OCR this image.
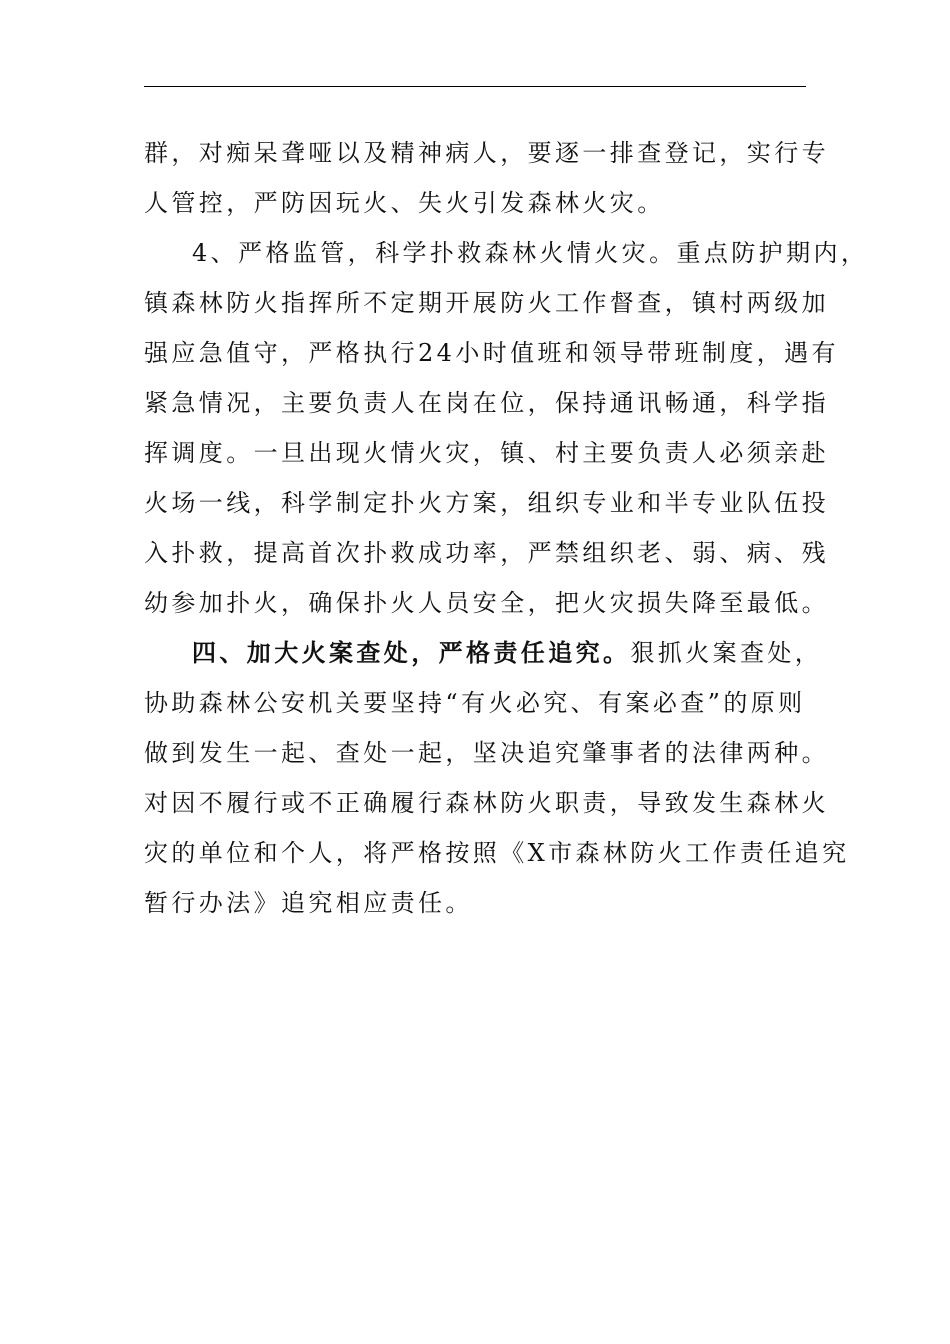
群，对痴呆聋哑以及精神病人，要逐一排查登记，实行专
人管控，严防因玩火、失火引发森林火灾。
4、严格监管，科学扑救森林火情火灾。重点防护期内，
镇森林防火指挥所不定期开展防火工作督查，镇村两级加
强应急值守，严格执行24小时值班和领导带班制度，遇有
紧急情况，主要负责人在岗在位，保持通讯畅通，科学指
挥调度。一旦出现火情火灾，镇、村主要负责人必须亲赴
火场一线，科学制定扑火方案，组织专业和半专业队伍投
入扑救，提高首次扑救成功率，严禁组织老、弱、病、残
幼参加扑火，确保扑火人员安全，把火灾损失降至最低。
四、加大火案查处，严格责任追究。狠抓火案查处，
协助森林公安机关要坚持“有火必究、有案必查”的原则
做到发生一起、查处一起，坚决追究肇事者的法律两种。
对因不履行或不正确履行森林防火职责，导致发生森林火
灾的单位和个人，将严格按照《X市森林防火工作责任追究
暂行办法》追究相应责任。
